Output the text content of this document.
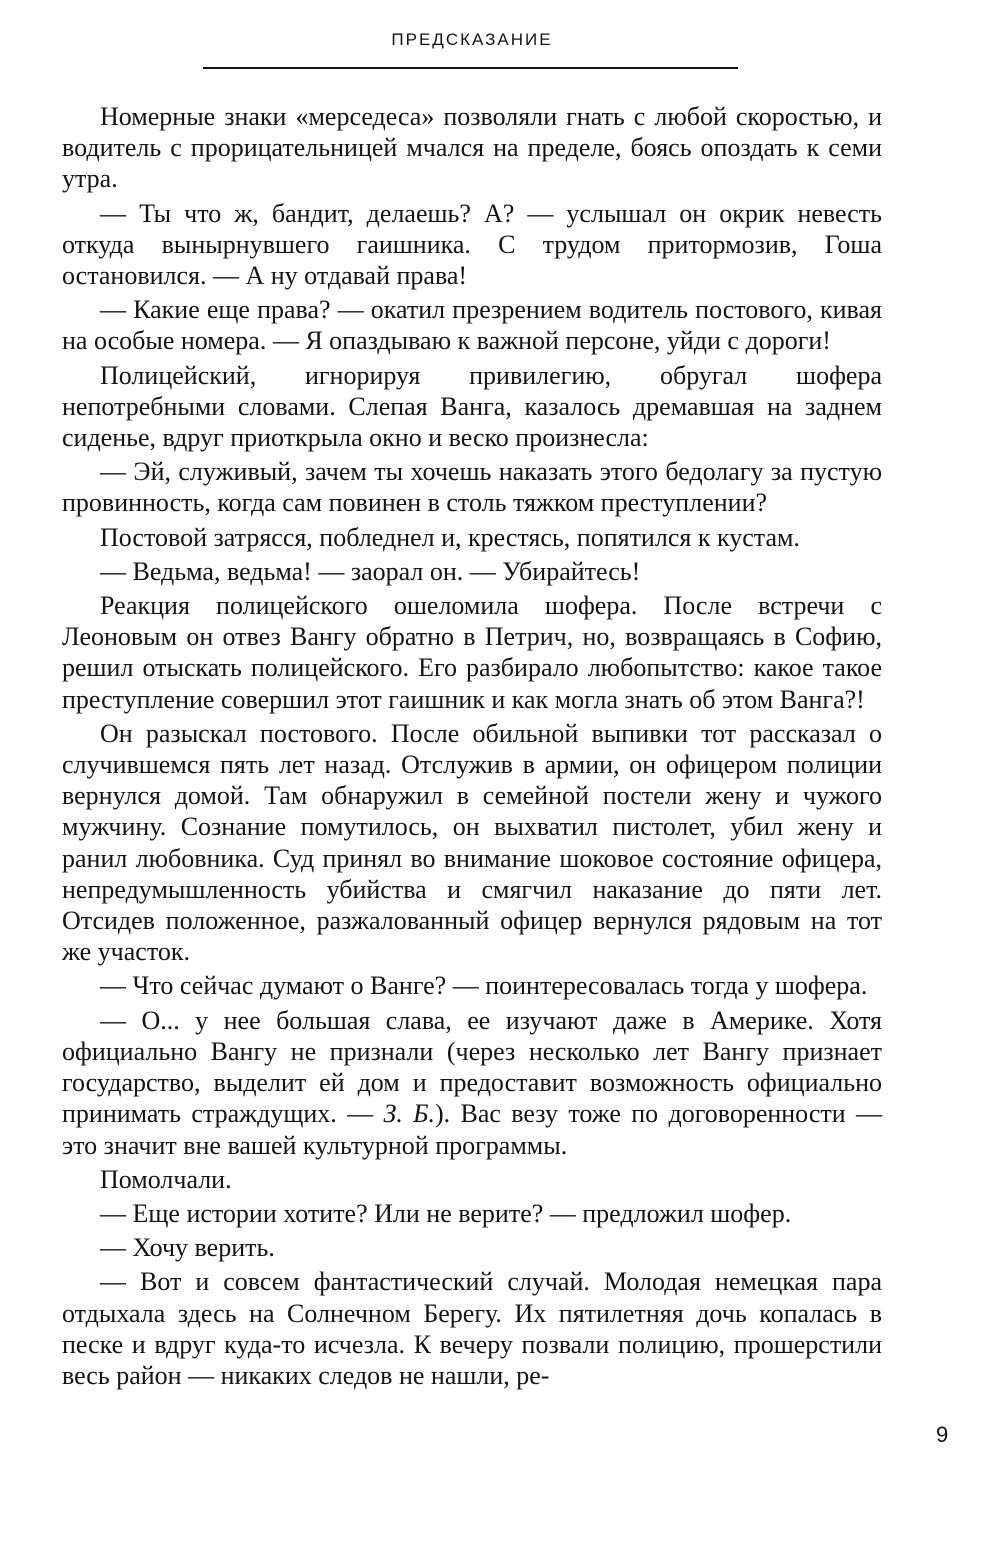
ПРЕДСКАЗАНИЕ

Номерные знаки «мерседеса» позволяли гнать с любой скоростью, и водитель с прорицательницей мчался на пределе, боясь опоздать к семи утра.

— Ты что ж, бандит, делаешь? А? — услышал он окрик невесть откуда вынырнувшего гаишника. С трудом притормозив, Гоша остановился. — А ну отдавай права!

— Какие еще права? — окатил презрением водитель постового, кивая на особые номера. — Я опаздываю к важной персоне, уйди с дороги!

Полицейский, игнорируя привилегию, обругал шофера непотребными словами. Слепая Ванга, казалось дремавшая на заднем сиденье, вдруг приоткрыла окно и веско произнесла:

— Эй, служивый, зачем ты хочешь наказать этого бедолагу за пустую провинность, когда сам повинен в столь тяжком преступлении?

Постовой затрясся, побледнел и, крестясь, попятился к кустам.

— Ведьма, ведьма! — заорал он. — Убирайтесь!

Реакция полицейского ошеломила шофера. После встречи с Леоновым он отвез Вангу обратно в Петрич, но, возвращаясь в Софию, решил отыскать полицейского. Его разбирало любопытство: какое такое преступление совершил этот гаишник и как могла знать об этом Ванга?!

Он разыскал постового. После обильной выпивки тот рассказал о случившемся пять лет назад. Отслужив в армии, он офицером полиции вернулся домой. Там обнаружил в семейной постели жену и чужого мужчину. Сознание помутилось, он выхватил пистолет, убил жену и ранил любовника. Суд принял во внимание шоковое состояние офицера, непредумышленность убийства и смягчил наказание до пяти лет. Отсидев положенное, разжалованный офицер вернулся рядовым на тот же участок.

— Что сейчас думают о Ванге? — поинтересовалась тогда у шофера.

— О... у нее большая слава, ее изучают даже в Америке. Хотя официально Вангу не признали (через несколько лет Вангу признает государство, выделит ей дом и предоставит возможность официально принимать страждущих. — З. Б.). Вас везу тоже по договоренности — это значит вне вашей культурной программы.

Помолчали.

— Еще истории хотите? Или не верите? — предложил шофер.

— Хочу верить.

— Вот и совсем фантастический случай. Молодая немецкая пара отдыхала здесь на Солнечном Берегу. Их пятилетняя дочь копалась в песке и вдруг куда-то исчезла. К вечеру позвали полицию, прошерстили весь район — никаких следов не нашли, ре-

9
